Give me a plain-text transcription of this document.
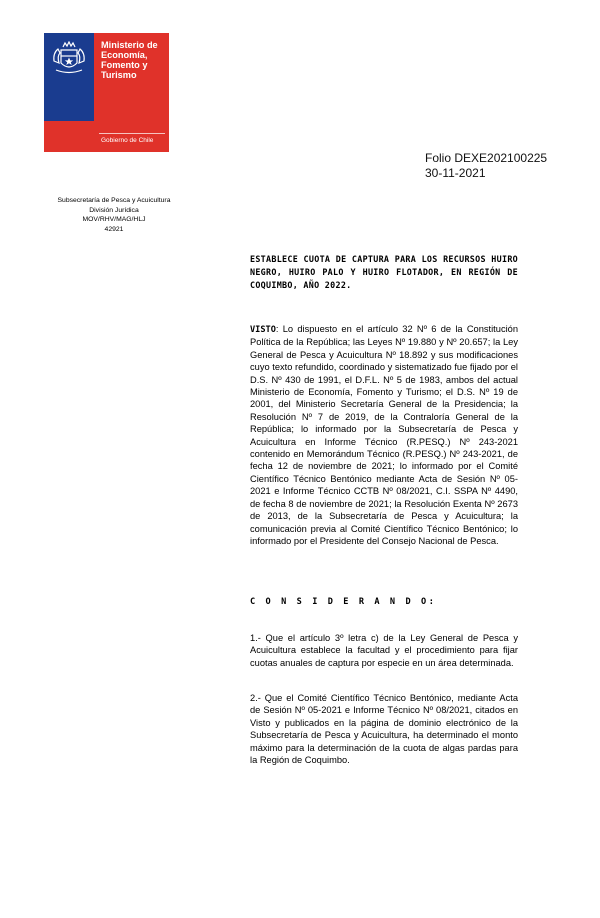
Ministerio de
Economía,
Fomento y
Turismo
Gobierno de Chile
Folio DEXE202100225
30-11-2021
Subsecretaría de Pesca y Acuicultura
División Jurídica
MOV/RHV/MAG/HLJ
42921
ESTABLECE CUOTA DE CAPTURA PARA LOS RECURSOS HUIRO NEGRO, HUIRO PALO Y HUIRO FLOTADOR, EN REGIÓN DE COQUIMBO, AÑO 2022.
VISTO: Lo dispuesto en el artículo 32 Nº 6 de la Constitución Política de la República; las Leyes Nº 19.880 y Nº 20.657; la Ley General de Pesca y Acuicultura Nº 18.892 y sus modificaciones cuyo texto refundido, coordinado y sistematizado fue fijado por el D.S. Nº 430 de 1991, el D.F.L. Nº 5 de 1983, ambos del actual Ministerio de Economía, Fomento y Turismo; el D.S. Nº 19 de 2001, del Ministerio Secretaría General de la Presidencia; la Resolución Nº 7 de 2019, de la Contraloría General de la República; lo informado por la Subsecretaría de Pesca y Acuicultura en Informe Técnico (R.PESQ.) Nº 243-2021 contenido en Memorándum Técnico (R.PESQ.) Nº 243-2021, de fecha 12 de noviembre de 2021; lo informado por el Comité Científico Técnico Bentónico mediante Acta de Sesión Nº 05-2021 e Informe Técnico CCTB Nº 08/2021, C.I. SSPA Nº 4490, de fecha 8 de noviembre de 2021; la Resolución Exenta Nº 2673 de 2013, de la Subsecretaría de Pesca y Acuicultura; la comunicación previa al Comité Científico Técnico Bentónico; lo informado por el Presidente del Consejo Nacional de Pesca.
C O N S I D E R A N D O:
1.- Que el artículo 3º letra c) de la Ley General de Pesca y Acuicultura establece la facultad y el procedimiento para fijar cuotas anuales de captura por especie en un área determinada.
2.- Que el Comité Científico Técnico Bentónico, mediante Acta de Sesión Nº 05-2021 e Informe Técnico Nº 08/2021, citados en Visto y publicados en la página de dominio electrónico de la Subsecretaría de Pesca y Acuicultura, ha determinado el monto máximo para la determinación de la cuota de algas pardas para la Región de Coquimbo.
